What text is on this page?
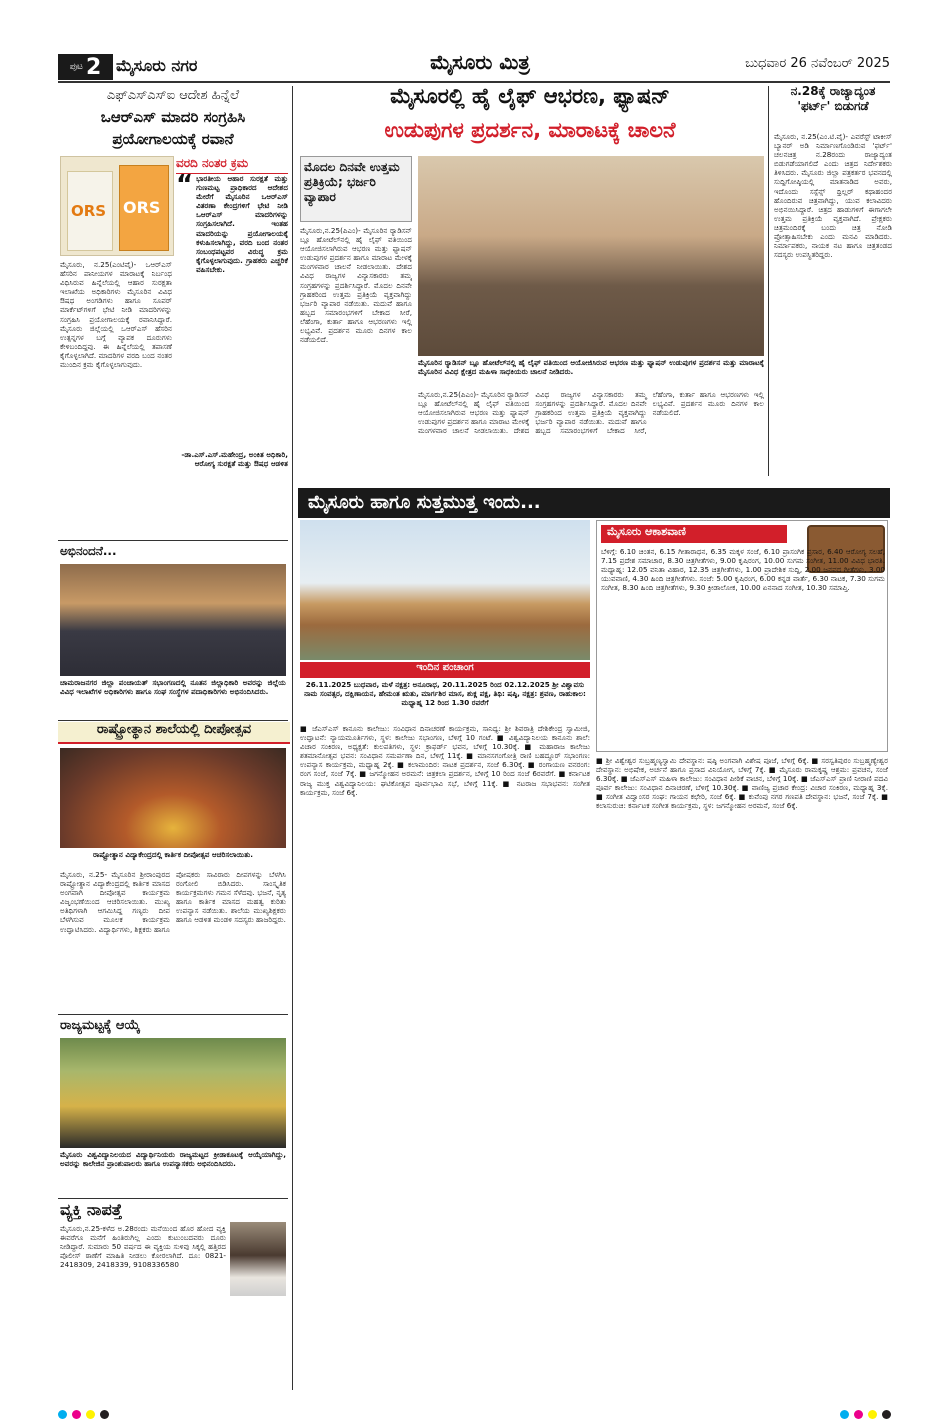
ಪುಟ 2 ಮೈಸೂರು ನಗರ	ಮೈಸೂರು ಮಿತ್ರ	ಬುಧವಾರ 26 ನವೆಂಬರ್ 2025
ಎಫ್‌ಎಸ್‌ಎಸ್‌ಐ ಆದೇಶ ಹಿನ್ನೆಲೆ
ಒಆರ್‌ಎಸ್ ಮಾದರಿ ಸಂಗ್ರಹಿಸಿ
ಪ್ರಯೋಗಾಲಯಕ್ಕೆ ರವಾನೆ
ORS ORS
ವರದಿ ನಂತರ ಕ್ರಮ
“ ಭಾರತೀಯ ಆಹಾರ ಸುರಕ್ಷತೆ ಮತ್ತು ಗುಣಮಟ್ಟ ಪ್ರಾಧಿಕಾರದ ಆದೇಶದ ಮೇರೆಗೆ ಮೈಸೂರಿನ ಒಆರ್‌ಎಸ್ ವಿತರಣಾ ಕೇಂದ್ರಗಳಿಗೆ ಭೇಟಿ ನೀಡಿ ಒಆರ್‌ಎಸ್ ಮಾದರಿಗಳನ್ನು ಸಂಗ್ರಹಿಸಲಾಗಿದೆ. ಇಂತಹ ಮಾದರಿಯನ್ನು ಪ್ರಯೋಗಾಲಯಕ್ಕೆ ಕಳುಹಿಸಲಾಗಿದ್ದು, ವರದಿ ಬಂದ ನಂತರ ಸಂಬಂಧಪಟ್ಟವರ ವಿರುದ್ಧ ಕ್ರಮ ಕೈಗೊಳ್ಳಲಾಗುವುದು. ಗ್ರಾಹಕರು ಎಚ್ಚರಿಕೆ ವಹಿಸಬೇಕು.
-ಡಾ.ಎಸ್.ಎಸ್.ಮಹೇಂದ್ರ, ಅಂಕಿತ ಅಧಿಕಾರಿ, ಆರೋಗ್ಯ ಸುರಕ್ಷತೆ ಮತ್ತು ಔಷಧ ಆಡಳಿತ
ಮೈಸೂರು, ನ.25(ಎಂಟಿವೈ)- ಒಆರ್‌ಎಸ್ ಹೆಸರಿನ ಪಾನೀಯಗಳ ಮಾರಾಟಕ್ಕೆ ನಿರ್ಬಂಧ ವಿಧಿಸಿರುವ ಹಿನ್ನೆಲೆಯಲ್ಲಿ ಆಹಾರ ಸುರಕ್ಷತಾ ಇಲಾಖೆಯ ಅಧಿಕಾರಿಗಳು ಮೈಸೂರಿನ ವಿವಿಧ ಔಷಧ ಅಂಗಡಿಗಳು ಹಾಗೂ ಸೂಪರ್ ಮಾರ್ಕೆಟ್‌ಗಳಿಗೆ ಭೇಟಿ ನೀಡಿ ಮಾದರಿಗಳನ್ನು ಸಂಗ್ರಹಿಸಿ ಪ್ರಯೋಗಾಲಯಕ್ಕೆ ರವಾನಿಸಿದ್ದಾರೆ. ಮೈಸೂರು ಜಿಲ್ಲೆಯಲ್ಲಿ ಒಆರ್‌ಎಸ್ ಹೆಸರಿನ ಉತ್ಪನ್ನಗಳ ಬಗ್ಗೆ ವ್ಯಾಪಕ ದೂರುಗಳು ಕೇಳಿಬಂದಿದ್ದವು. ಈ ಹಿನ್ನೆಲೆಯಲ್ಲಿ ತಪಾಸಣೆ ಕೈಗೊಳ್ಳಲಾಗಿದೆ. ಮಾದರಿಗಳ ವರದಿ ಬಂದ ನಂತರ ಮುಂದಿನ ಕ್ರಮ ಕೈಗೊಳ್ಳಲಾಗುವುದು.
ಅಭಿನಂದನೆ...
ಚಾಮರಾಜನಗರ ಜಿಲ್ಲಾ ಪಂಚಾಯತ್ ಸಭಾಂಗಣದಲ್ಲಿ ನೂತನ ಜಿಲ್ಲಾಧಿಕಾರಿ ಅವರನ್ನು ಜಿಲ್ಲೆಯ ವಿವಿಧ ಇಲಾಖೆಗಳ ಅಧಿಕಾರಿಗಳು ಹಾಗೂ ಸಂಘ ಸಂಸ್ಥೆಗಳ ಪದಾಧಿಕಾರಿಗಳು ಅಭಿನಂದಿಸಿದರು.
ರಾಷ್ಟ್ರೋತ್ಥಾನ ಶಾಲೆಯಲ್ಲಿ ದೀಪೋತ್ಸವ
ರಾಷ್ಟ್ರೋತ್ಥಾನ ವಿದ್ಯಾಕೇಂದ್ರದಲ್ಲಿ ಕಾರ್ತಿಕ ದೀಪೋತ್ಸವ ಆಚರಿಸಲಾಯಿತು.
ಮೈಸೂರು, ನ.25- ಮೈಸೂರಿನ ಶ್ರೀರಾಂಪುರದ ರಾಷ್ಟ್ರೋತ್ಥಾನ ವಿದ್ಯಾಕೇಂದ್ರದಲ್ಲಿ ಕಾರ್ತಿಕ ಮಾಸದ ಅಂಗವಾಗಿ ದೀಪೋತ್ಸವ ಕಾರ್ಯಕ್ರಮ ವಿಜೃಂಭಣೆಯಿಂದ ಆಚರಿಸಲಾಯಿತು. ಮುಖ್ಯ ಅತಿಥಿಗಳಾಗಿ ಆಗಮಿಸಿದ್ದ ಗಣ್ಯರು ದೀಪ ಬೆಳಗಿಸುವ ಮೂಲಕ ಕಾರ್ಯಕ್ರಮ ಉದ್ಘಾಟಿಸಿದರು. ವಿದ್ಯಾರ್ಥಿಗಳು, ಶಿಕ್ಷಕರು ಹಾಗೂ ಪೋಷಕರು ಸಾವಿರಾರು ದೀಪಗಳನ್ನು ಬೆಳಗಿಸಿ ರಂಗೋಲಿ ಬಿಡಿಸಿದರು. ಸಾಂಸ್ಕೃತಿಕ ಕಾರ್ಯಕ್ರಮಗಳು ಗಮನ ಸೆಳೆದವು. ಭಜನೆ, ನೃತ್ಯ ಹಾಗೂ ಕಾರ್ತಿಕ ಮಾಸದ ಮಹತ್ವ ಕುರಿತು ಉಪನ್ಯಾಸ ನಡೆಯಿತು. ಶಾಲೆಯ ಮುಖ್ಯಶಿಕ್ಷಕರು ಹಾಗೂ ಆಡಳಿತ ಮಂಡಳಿ ಸದಸ್ಯರು ಹಾಜರಿದ್ದರು.
ರಾಜ್ಯಮಟ್ಟಕ್ಕೆ ಆಯ್ಕೆ
ಮೈಸೂರು ವಿಶ್ವವಿದ್ಯಾನಿಲಯದ ವಿದ್ಯಾರ್ಥಿನಿಯರು ರಾಜ್ಯಮಟ್ಟದ ಕ್ರೀಡಾಕೂಟಕ್ಕೆ ಆಯ್ಕೆಯಾಗಿದ್ದು, ಅವರನ್ನು ಕಾಲೇಜಿನ ಪ್ರಾಂಶುಪಾಲರು ಹಾಗೂ ಉಪನ್ಯಾಸಕರು ಅಭಿನಂದಿಸಿದರು.
ವ್ಯಕ್ತಿ ನಾಪತ್ತೆ
ಮೈಸೂರು,ನ.25-ಕಳೆದ ಅ.28ರಂದು ಮನೆಯಿಂದ ಹೊರ ಹೋದ ವ್ಯಕ್ತಿ ಈವರೆಗೂ ಮನೆಗೆ ಹಿಂತಿರುಗಿಲ್ಲ ಎಂದು ಕುಟುಂಬದವರು ದೂರು ನೀಡಿದ್ದಾರೆ. ಸುಮಾರು 50 ವರ್ಷದ ಈ ವ್ಯಕ್ತಿಯ ಸುಳಿವು ಸಿಕ್ಕಲ್ಲಿ ಹತ್ತಿರದ ಪೊಲೀಸ್ ಠಾಣೆಗೆ ಮಾಹಿತಿ ನೀಡಲು ಕೋರಲಾಗಿದೆ. ದೂ: 0821-2418309, 2418339, 9108336580
ಮೈಸೂರಲ್ಲಿ ಹೈ ಲೈಫ್ ಆಭರಣ, ಫ್ಯಾಷನ್
ಉಡುಪುಗಳ ಪ್ರದರ್ಶನ, ಮಾರಾಟಕ್ಕೆ ಚಾಲನೆ
ಮೊದಲ ದಿನವೇ ಉತ್ತಮ ಪ್ರತಿಕ್ರಿಯೆ; ಭರ್ಜರಿ ವ್ಯಾಪಾರ
ಮೈಸೂರು,ನ.25(ಪಿಎಂ)- ಮೈಸೂರಿನ ರ‍್ಯಾಡಿಸನ್ ಬ್ಲೂ ಹೋಟೆಲ್‌ನಲ್ಲಿ ಹೈ ಲೈಫ್ ವತಿಯಿಂದ ಆಯೋಜಿಸಲಾಗಿರುವ ಆಭರಣ ಮತ್ತು ಫ್ಯಾಷನ್ ಉಡುಪುಗಳ ಪ್ರದರ್ಶನ ಹಾಗೂ ಮಾರಾಟ ಮೇಳಕ್ಕೆ ಮಂಗಳವಾರ ಚಾಲನೆ ನೀಡಲಾಯಿತು. ದೇಶದ ವಿವಿಧ ರಾಜ್ಯಗಳ ವಿನ್ಯಾಸಕಾರರು ತಮ್ಮ ಸಂಗ್ರಹಗಳನ್ನು ಪ್ರದರ್ಶಿಸಿದ್ದಾರೆ. ಮೊದಲ ದಿನವೇ ಗ್ರಾಹಕರಿಂದ ಉತ್ತಮ ಪ್ರತಿಕ್ರಿಯೆ ವ್ಯಕ್ತವಾಗಿದ್ದು ಭರ್ಜರಿ ವ್ಯಾಪಾರ ನಡೆಯಿತು. ಮದುವೆ ಹಾಗೂ ಹಬ್ಬದ ಸಮಾರಂಭಗಳಿಗೆ ಬೇಕಾದ ಸೀರೆ, ಲೆಹೆಂಗಾ, ಕುರ್ತಾ ಹಾಗೂ ಆಭರಣಗಳು ಇಲ್ಲಿ ಲಭ್ಯವಿವೆ. ಪ್ರದರ್ಶನ ಮೂರು ದಿನಗಳ ಕಾಲ ನಡೆಯಲಿದೆ.
ಮೈಸೂರಿನ ರ‍್ಯಾಡಿಸನ್ ಬ್ಲೂ ಹೋಟೆಲ್‌ನಲ್ಲಿ ಹೈ ಲೈಫ್ ವತಿಯಿಂದ ಆಯೋಜಿಸಿರುವ ಆಭರಣ ಮತ್ತು ಫ್ಯಾಷನ್ ಉಡುಪುಗಳ ಪ್ರದರ್ಶನ ಮತ್ತು ಮಾರಾಟಕ್ಕೆ ಮೈಸೂರಿನ ವಿವಿಧ ಕ್ಷೇತ್ರದ ಮಹಿಳಾ ಸಾಧಕಿಯರು ಚಾಲನೆ ನೀಡಿದರು.
ಮೈಸೂರು,ನ.25(ಪಿಎಂ)- ಮೈಸೂರಿನ ರ‍್ಯಾಡಿಸನ್ ಬ್ಲೂ ಹೋಟೆಲ್‌ನಲ್ಲಿ ಹೈ ಲೈಫ್ ವತಿಯಿಂದ ಆಯೋಜಿಸಲಾಗಿರುವ ಆಭರಣ ಮತ್ತು ಫ್ಯಾಷನ್ ಉಡುಪುಗಳ ಪ್ರದರ್ಶನ ಹಾಗೂ ಮಾರಾಟ ಮೇಳಕ್ಕೆ ಮಂಗಳವಾರ ಚಾಲನೆ ನೀಡಲಾಯಿತು. ದೇಶದ ವಿವಿಧ ರಾಜ್ಯಗಳ ವಿನ್ಯಾಸಕಾರರು ತಮ್ಮ ಸಂಗ್ರಹಗಳನ್ನು ಪ್ರದರ್ಶಿಸಿದ್ದಾರೆ. ಮೊದಲ ದಿನವೇ ಗ್ರಾಹಕರಿಂದ ಉತ್ತಮ ಪ್ರತಿಕ್ರಿಯೆ ವ್ಯಕ್ತವಾಗಿದ್ದು ಭರ್ಜರಿ ವ್ಯಾಪಾರ ನಡೆಯಿತು. ಮದುವೆ ಹಾಗೂ ಹಬ್ಬದ ಸಮಾರಂಭಗಳಿಗೆ ಬೇಕಾದ ಸೀರೆ, ಲೆಹೆಂಗಾ, ಕುರ್ತಾ ಹಾಗೂ ಆಭರಣಗಳು ಇಲ್ಲಿ ಲಭ್ಯವಿವೆ. ಪ್ರದರ್ಶನ ಮೂರು ದಿನಗಳ ಕಾಲ ನಡೆಯಲಿದೆ.
ನ.28ಕ್ಕೆ ರಾಜ್ಯಾದ್ಯಂತ 'ಫರ್ಟ್' ಬಿಡುಗಡೆ
ಮೈಸೂರು, ನ.25(ಎಂ.ಟಿ.ವೈ)- ಎವರೆಸ್ಟ್ ಟಾಕೀಸ್ ಬ್ಯಾನರ್ ಅಡಿ ನಿರ್ಮಾಣಗೊಂಡಿರುವ 'ಫರ್ಟ್' ಚಲನಚಿತ್ರ ನ.28ರಂದು ರಾಜ್ಯಾದ್ಯಂತ ಬಿಡುಗಡೆಯಾಗಲಿದೆ ಎಂದು ಚಿತ್ರದ ನಿರ್ದೇಶಕರು ತಿಳಿಸಿದರು. ಮೈಸೂರು ಜಿಲ್ಲಾ ಪತ್ರಕರ್ತರ ಭವನದಲ್ಲಿ ಸುದ್ದಿಗೋಷ್ಠಿಯಲ್ಲಿ ಮಾತನಾಡಿದ ಅವರು, ಇದೊಂದು ಸಸ್ಪೆನ್ಸ್ ಥ್ರಿಲ್ಲರ್ ಕಥಾಹಂದರ ಹೊಂದಿರುವ ಚಿತ್ರವಾಗಿದ್ದು, ಯುವ ಕಲಾವಿದರು ಅಭಿನಯಿಸಿದ್ದಾರೆ. ಚಿತ್ರದ ಹಾಡುಗಳಿಗೆ ಈಗಾಗಲೇ ಉತ್ತಮ ಪ್ರತಿಕ್ರಿಯೆ ವ್ಯಕ್ತವಾಗಿದೆ. ಪ್ರೇಕ್ಷಕರು ಚಿತ್ರಮಂದಿರಕ್ಕೆ ಬಂದು ಚಿತ್ರ ನೋಡಿ ಪ್ರೋತ್ಸಾಹಿಸಬೇಕು ಎಂದು ಮನವಿ ಮಾಡಿದರು. ನಿರ್ಮಾಪಕರು, ನಾಯಕ ನಟ ಹಾಗೂ ಚಿತ್ರತಂಡದ ಸದಸ್ಯರು ಉಪಸ್ಥಿತರಿದ್ದರು.
ಮೈಸೂರು ಹಾಗೂ ಸುತ್ತಮುತ್ತ ಇಂದು...
ಇಂದಿನ ಪಂಚಾಂಗ
26.11.2025 ಬುಧವಾರ, ಮಳೆ ನಕ್ಷತ್ರ: ಅನೂರಾಧ, 20.11.2025 ರಿಂದ 02.12.2025 ಶ್ರೀ ವಿಶ್ವಾವಸು ನಾಮ ಸಂವತ್ಸರ, ದಕ್ಷಿಣಾಯನ, ಹೇಮಂತ ಋತು, ಮಾರ್ಗಶಿರ ಮಾಸ, ಶುಕ್ಲ ಪಕ್ಷ, ತಿಥಿ: ಷಷ್ಠಿ, ನಕ್ಷತ್ರ: ಶ್ರವಣ, ರಾಹುಕಾಲ: ಮಧ್ಯಾಹ್ನ 12 ರಿಂದ 1.30 ರವರೆಗೆ
ಮೈಸೂರು ಆಕಾಶವಾಣಿ
ಬೆಳಿಗ್ಗೆ: 6.10 ಚಿಂತನ, 6.15 ಗೀತಾರಾಧನ, 6.35 ಮಕ್ಕಳ ಸಂಜೆ, 6.10 ಪ್ರಾಸಂಗಿಕ ಪ್ರಸಾರ, 6.40 ಆರೋಗ್ಯ ಸಲಹೆ, 7.15 ಪ್ರದೇಶ ಸಮಾಚಾರ, 8.30 ಚಿತ್ರಗೀತೆಗಳು, 9.00 ಕೃಷಿರಂಗ, 10.00 ಸುಗಮ ಸಂಗೀತ, 11.00 ವಿವಿಧ ಭಾರತಿ. ಮಧ್ಯಾಹ್ನ: 12.05 ವನಿತಾ ವಿಹಾರ, 12.35 ಚಿತ್ರಗೀತೆಗಳು, 1.00 ಪ್ರಾದೇಶಿಕ ಸುದ್ದಿ, 2.00 ಜನಪದ ಗೀತೆಗಳು, 3.00 ಯುವವಾಣಿ, 4.30 ಹಿಂದಿ ಚಿತ್ರಗೀತೆಗಳು. ಸಂಜೆ: 5.00 ಕೃಷಿರಂಗ, 6.00 ಕನ್ನಡ ವಾರ್ತೆ, 6.30 ನಾಟಕ, 7.30 ಸುಗಮ ಸಂಗೀತ, 8.30 ಹಿಂದಿ ಚಿತ್ರಗೀತೆಗಳು, 9.30 ಕ್ರೀಡಾಲೋಕ, 10.00 ಏನನಾದ ಸಂಗೀತ, 10.30 ಸಮಾಪ್ತಿ.
■ ಜೆಎಸ್‌ಎಸ್ ಕಾನೂನು ಕಾಲೇಜು: ಸಂವಿಧಾನ ದಿನಾಚರಣೆ ಕಾರ್ಯಕ್ರಮ, ಸಾನಿಧ್ಯ: ಶ್ರೀ ಶಿವರಾತ್ರಿ ದೇಶಿಕೇಂದ್ರ ಸ್ವಾಮೀಜಿ, ಉದ್ಘಾಟನೆ: ನ್ಯಾಯಮೂರ್ತಿಗಳು, ಸ್ಥಳ: ಕಾಲೇಜು ಸಭಾಂಗಣ, ಬೆಳಿಗ್ಗೆ 10 ಗಂಟೆ. ■ ವಿಶ್ವವಿದ್ಯಾನಿಲಯ ಕಾನೂನು ಶಾಲೆ: ವಿಚಾರ ಸಂಕಿರಣ, ಅಧ್ಯಕ್ಷತೆ: ಕುಲಪತಿಗಳು, ಸ್ಥಳ: ಕ್ರಾಫರ್ಡ್ ಭವನ, ಬೆಳಿಗ್ಗೆ 10.30ಕ್ಕೆ. ■ ಮಹಾರಾಜ ಕಾಲೇಜು ಶತಮಾನೋತ್ಸವ ಭವನ: ಸಂವಿಧಾನ ಸಮರ್ಪಣಾ ದಿನ, ಬೆಳಿಗ್ಗೆ 11ಕ್ಕೆ. ■ ಮಾನಸಗಂಗೋತ್ರಿ ರಾಣಿ ಬಹದ್ದೂರ್ ಸಭಾಂಗಣ: ಉಪನ್ಯಾಸ ಕಾರ್ಯಕ್ರಮ, ಮಧ್ಯಾಹ್ನ 2ಕ್ಕೆ. ■ ಕಲಾಮಂದಿರ: ನಾಟಕ ಪ್ರದರ್ಶನ, ಸಂಜೆ 6.30ಕ್ಕೆ. ■ ರಂಗಾಯಣ ವನರಂಗ: ರಂಗ ಸಂಜೆ, ಸಂಜೆ 7ಕ್ಕೆ. ■ ಜಗನ್ಮೋಹನ ಅರಮನೆ: ಚಿತ್ರಕಲಾ ಪ್ರದರ್ಶನ, ಬೆಳಿಗ್ಗೆ 10 ರಿಂದ ಸಂಜೆ 6ರವರೆಗೆ. ■ ಕರ್ನಾಟಕ ರಾಜ್ಯ ಮುಕ್ತ ವಿಶ್ವವಿದ್ಯಾನಿಲಯ: ಘಟಿಕೋತ್ಸವ ಪೂರ್ವಭಾವಿ ಸಭೆ, ಬೆಳಿಗ್ಗೆ 11ಕ್ಕೆ. ■ ನಟರಾಜ ಸಭಾಭವನ: ಸಂಗೀತ ಕಾರ್ಯಕ್ರಮ, ಸಂಜೆ 6ಕ್ಕೆ.
■ ಶ್ರೀ ವಿಶ್ವೇಶ್ವರ ಸುಬ್ರಹ್ಮಣ್ಯಸ್ವಾಮಿ ದೇವಸ್ಥಾನ: ಷಷ್ಠಿ ಅಂಗವಾಗಿ ವಿಶೇಷ ಪೂಜೆ, ಬೆಳಿಗ್ಗೆ 6ಕ್ಕೆ. ■ ಸರಸ್ವತಿಪುರಂ ಸುಬ್ರಹ್ಮಣ್ಯೇಶ್ವರ ದೇವಸ್ಥಾನ: ಅಭಿಷೇಕ, ಅರ್ಚನೆ ಹಾಗೂ ಪ್ರಸಾದ ವಿನಿಯೋಗ, ಬೆಳಿಗ್ಗೆ 7ಕ್ಕೆ. ■ ಮೈಸೂರು ರಾಮಕೃಷ್ಣ ಆಶ್ರಮ: ಪ್ರವಚನ, ಸಂಜೆ 6.30ಕ್ಕೆ. ■ ಜೆಎಸ್‌ಎಸ್ ಮಹಿಳಾ ಕಾಲೇಜು: ಸಂವಿಧಾನ ಪೀಠಿಕೆ ವಾಚನ, ಬೆಳಿಗ್ಗೆ 10ಕ್ಕೆ. ■ ಜೆಎಸ್‌ಎಸ್ ಪ್ರಾಣಿ ನೀರಾಣಿ ಪದವಿ ಪೂರ್ವ ಕಾಲೇಜು: ಸಂವಿಧಾನ ದಿನಾಚರಣೆ, ಬೆಳಿಗ್ಗೆ 10.30ಕ್ಕೆ. ■ ವಾಣಿಜ್ಯ ಪ್ರಚಾರ ಕೇಂದ್ರ: ವಿಚಾರ ಸಂಕಿರಣ, ಮಧ್ಯಾಹ್ನ 3ಕ್ಕೆ. ■ ಸಂಗೀತ ವಿದ್ವಾಂಸರ ಸಂಘ: ಗಾಯನ ಕಛೇರಿ, ಸಂಜೆ 6ಕ್ಕೆ. ■ ಕುವೆಂಪು ನಗರ ಗಣಪತಿ ದೇವಸ್ಥಾನ: ಭಜನೆ, ಸಂಜೆ 7ಕ್ಕೆ. ■ ಕಲಾಸುರುಚಿ: ಕರ್ನಾಟಕ ಸಂಗೀತ ಕಾರ್ಯಕ್ರಮ, ಸ್ಥಳ: ಜಗನ್ಮೋಹನ ಅರಮನೆ, ಸಂಜೆ 6ಕ್ಕೆ.
